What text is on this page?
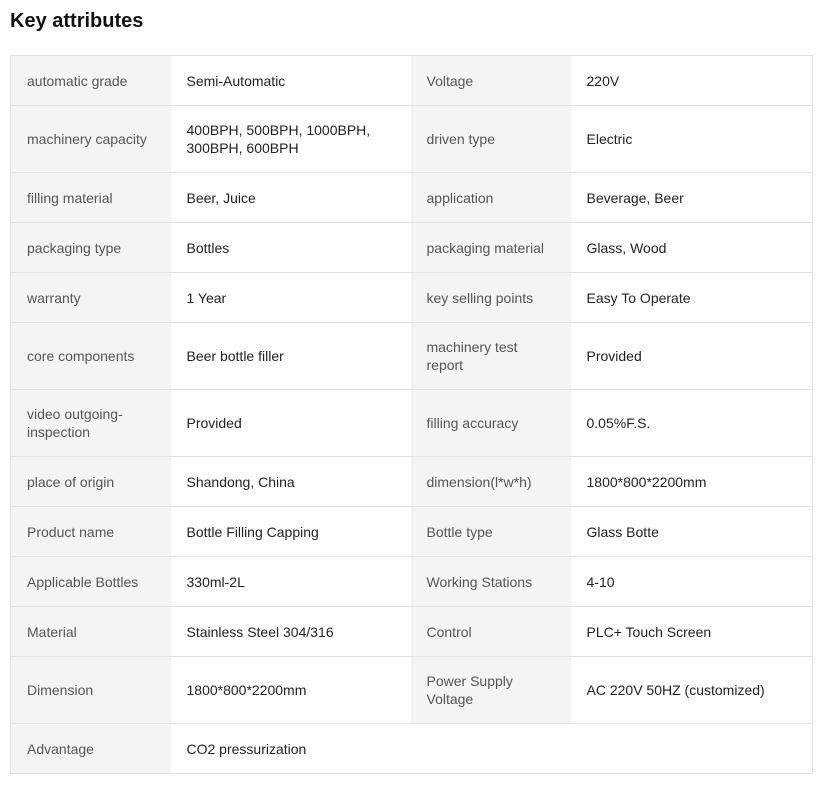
Key attributes
automatic grade	Semi-Automatic	Voltage	220V
machinery capacity	400BPH, 500BPH, 1000BPH, 300BPH, 600BPH	driven type	Electric
filling material	Beer, Juice	application	Beverage, Beer
packaging type	Bottles	packaging material	Glass, Wood
warranty	1 Year	key selling points	Easy To Operate
core components	Beer bottle filler	machinery test report	Provided
video outgoing-inspection	Provided	filling accuracy	0.05%F.S.
place of origin	Shandong, China	dimension(l*w*h)	1800*800*2200mm
Product name	Bottle Filling Capping	Bottle type	Glass Botte
Applicable Bottles	330ml-2L	Working Stations	4-10
Material	Stainless Steel 304/316	Control	PLC+ Touch Screen
Dimension	1800*800*2200mm	Power Supply Voltage	AC 220V 50HZ (customized)
Advantage	CO2 pressurization		
